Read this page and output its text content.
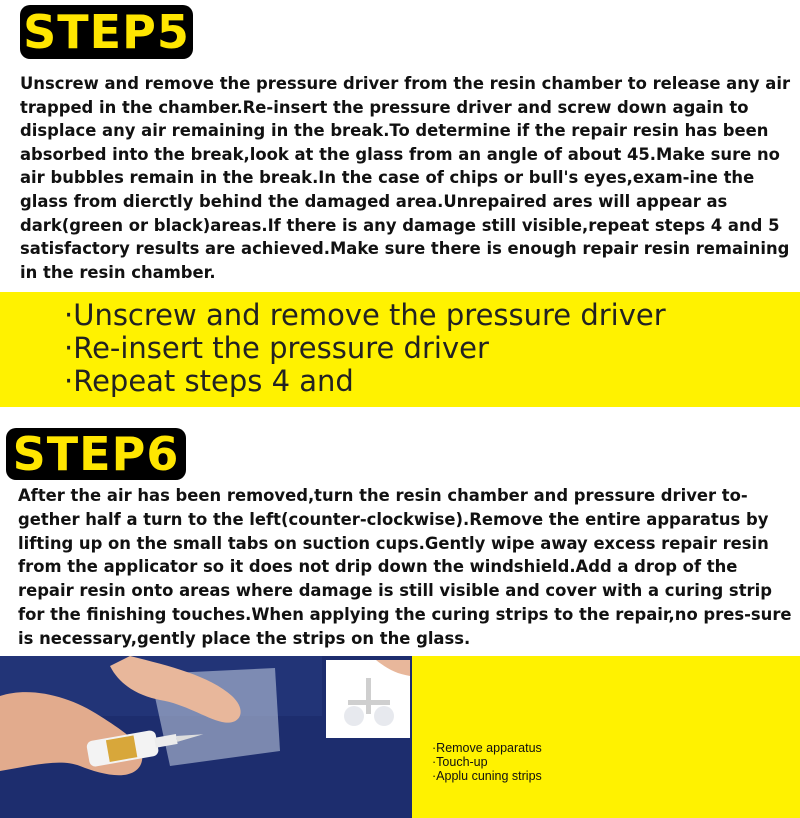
STEP5

Unscrew and remove the pressure driver from the resin chamber to release any air trapped in the chamber.Re-insert the pressure driver and screw down again to displace any air remaining in the break.To determine if the repair resin has been absorbed into the break,look at the glass from an angle of about 45.Make sure no air bubbles remain in the break.In the case of chips or bull's eyes,exam-ine the glass from dierctly behind the damaged area.Unrepaired ares will appear as dark(green or black)areas.If there is any damage still visible,repeat steps 4 and 5 satisfactory results are achieved.Make sure there is enough repair resin remaining in the resin chamber.

·Unscrew and remove the pressure driver
·Re-insert the pressure driver
·Repeat steps 4 and
STEP6

After the air has been removed,turn the resin chamber and pressure driver to-gether half a turn to the left(counter-clockwise).Remove the entire apparatus by lifting up on the small tabs on suction cups.Gently wipe away excess repair resin from the applicator so it does not drip down the windshield.Add a drop of the repair resin onto areas where damage is still visible and cover with a curing strip for the finishing touches.When applying the curing strips to the repair,no pres-sure is necessary,gently place the strips on the glass.

·Remove apparatus
·Touch-up
·Applu cuning strips
